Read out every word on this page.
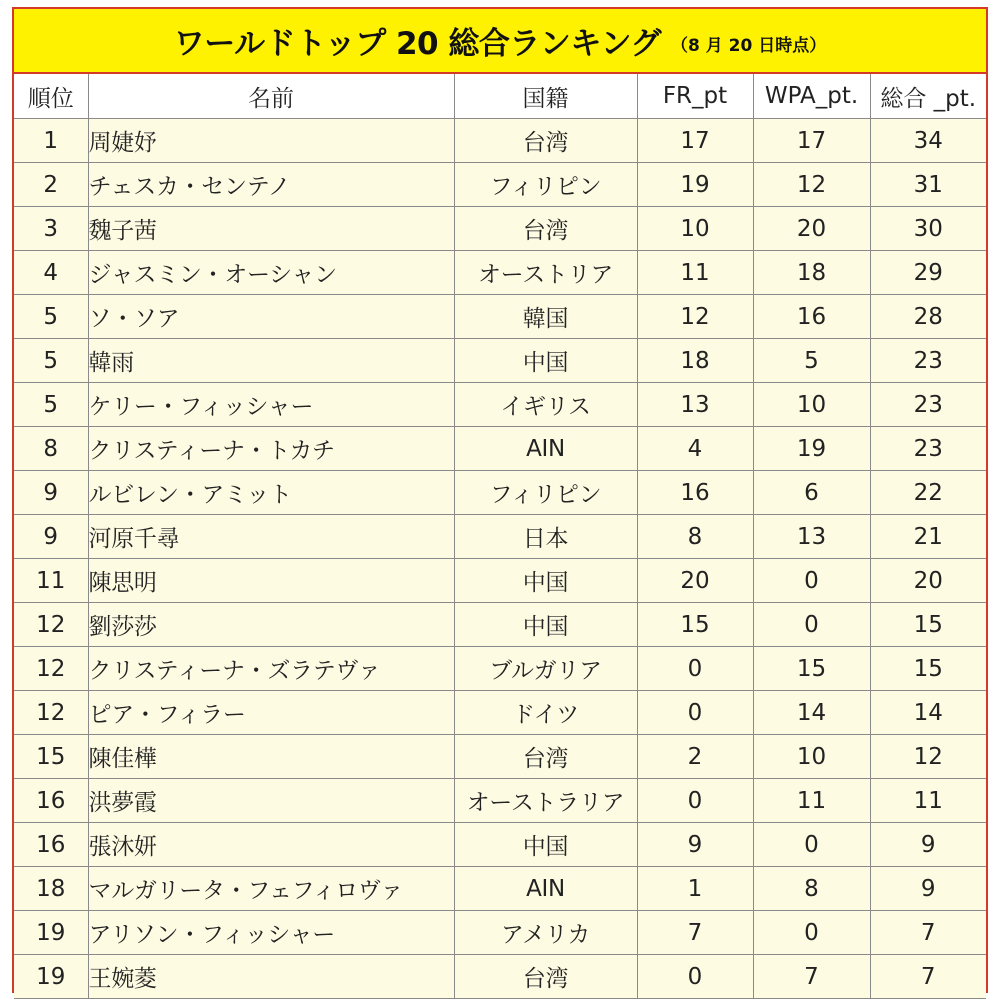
ワールドトップ 20 総合ランキング （8 月 20 日時点）
順位	名前	国籍	FR_pt	WPA_pt.	総合 _pt.
1	周婕妤	台湾	17	17	34
2	チェスカ・センテノ	フィリピン	19	12	31
3	魏子茜	台湾	10	20	30
4	ジャスミン・オーシャン	オーストリア	11	18	29
5	ソ・ソア	韓国	12	16	28
5	韓雨	中国	18	5	23
5	ケリー・フィッシャー	イギリス	13	10	23
8	クリスティーナ・トカチ	AIN	4	19	23
9	ルビレン・アミット	フィリピン	16	6	22
9	河原千尋	日本	8	13	21
11	陳思明	中国	20	0	20
12	劉莎莎	中国	15	0	15
12	クリスティーナ・ズラテヴァ	ブルガリア	0	15	15
12	ピア・フィラー	ドイツ	0	14	14
15	陳佳樺	台湾	2	10	12
16	洪夢霞	オーストラリア	0	11	11
16	張沐妍	中国	9	0	9
18	マルガリータ・フェフィロヴァ	AIN	1	8	9
19	アリソン・フィッシャー	アメリカ	7	0	7
19	王婉菱	台湾	0	7	7
